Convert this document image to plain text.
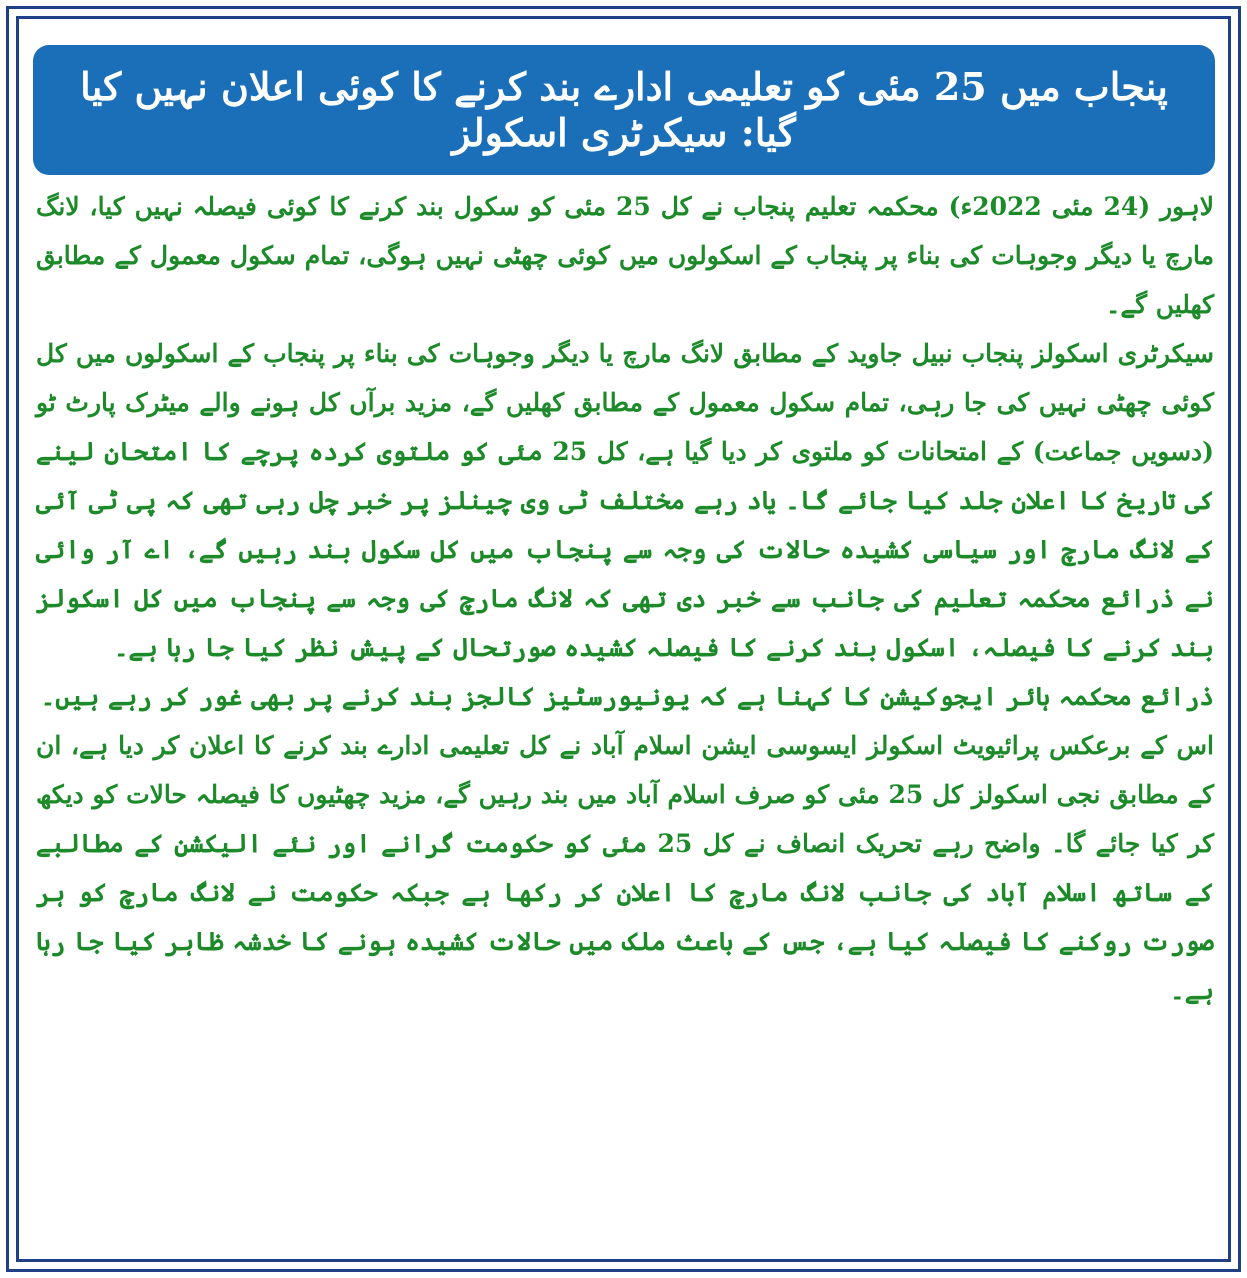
پنجاب میں 25 مئی کو تعلیمی ادارے بند کرنے کا کوئی اعلان نہیں کیا گیا: سیکرٹری اسکولز

لاہور (24 مئی 2022ء) محکمہ تعلیم پنجاب نے کل 25 مئی کو سکول بند کرنے کا کوئی فیصلہ نہیں کیا، لانگ مارچ یا دیگر وجوہات کی بناء پر پنجاب کے اسکولوں میں کوئی چھٹی نہیں ہوگی، تمام سکول معمول کے مطابق کھلیں گے۔

سیکرٹری اسکولز پنجاب نبیل جاوید کے مطابق لانگ مارچ یا دیگر وجوہات کی بناء پر پنجاب کے اسکولوں میں کل کوئی چھٹی نہیں کی جا رہی، تمام سکول معمول کے مطابق کھلیں گے، مزید برآں کل ہونے والے میٹرک پارٹ ٹو (دسویں جماعت) کے امتحانات کو ملتوی کر دیا گیا ہے، کل 25 مئی کو ملتوی کردہ پرچے کا امتحان لینے کی تاریخ کا اعلان جلد کیا جائے گا۔ یاد رہے مختلف ٹی وی چینلز پر خبر چل رہی تھی کہ پی ٹی آئی کے لانگ مارچ اور سیاسی کشیدہ حالات کی وجہ سے پنجاب میں کل سکول بند رہیں گے، اے آر وائی نے ذرائع محکمہ تعلیم کی جانب سے خبر دی تھی کہ لانگ مارچ کی وجہ سے پنجاب میں کل اسکولز بند کرنے کا فیصلہ، اسکول بند کرنے کا فیصلہ کشیدہ صورتحال کے پیش نظر کیا جا رہا ہے۔

ذرائع محکمہ ہائر ایجوکیشن کا کہنا ہے کہ یونیورسٹیز کالجز بند کرنے پر بھی غور کر رہے ہیں۔

اس کے برعکس پرائیویٹ اسکولز ایسوسی ایشن اسلام آباد نے کل تعلیمی ادارے بند کرنے کا اعلان کر دیا ہے، ان کے مطابق نجی اسکولز کل 25 مئی کو صرف اسلام آباد میں بند رہیں گے، مزید چھٹیوں کا فیصلہ حالات کو دیکھ کر کیا جائے گا۔ واضح رہے تحریک انصاف نے کل 25 مئی کو حکومت گرانے اور نئے الیکشن کے مطالبے کے ساتھ اسلام آباد کی جانب لانگ مارچ کا اعلان کر رکھا ہے جبکہ حکومت نے لانگ مارچ کو ہر صورت روکنے کا فیصلہ کیا ہے، جس کے باعث ملک میں حالات کشیدہ ہونے کا خدشہ ظاہر کیا جا رہا ہے۔
